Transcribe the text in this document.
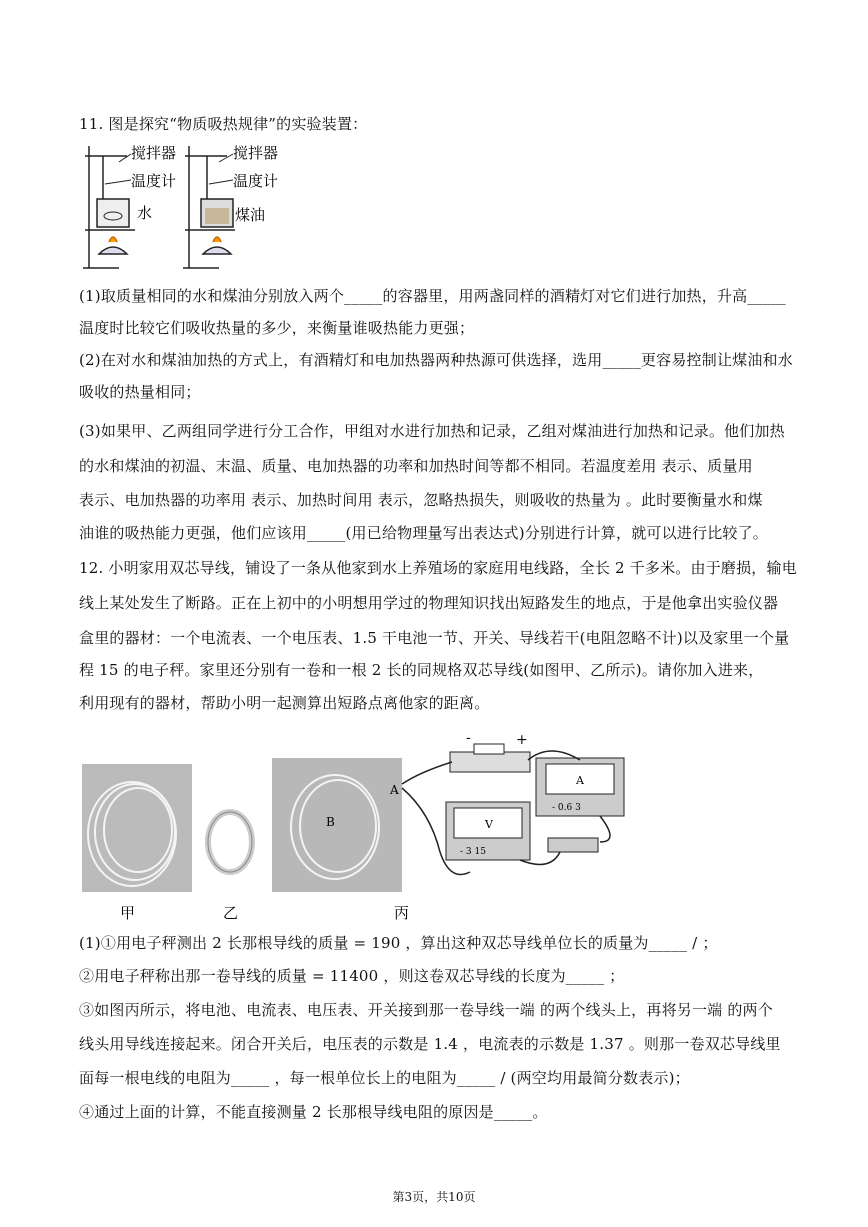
11. 图是探究“物质吸热规律”的实验装置：
搅拌器
温度计
水
搅拌器
温度计
煤油
(1)取质量相同的水和煤油分别放入两个_____的容器里，用两盏同样的酒精灯对它们进行加热，升高_____
温度时比较它们吸收热量的多少，来衡量谁吸热能力更强；
(2)在对水和煤油加热的方式上，有酒精灯和电加热器两种热源可供选择，选用_____更容易控制让煤油和水
吸收的热量相同；
(3)如果甲、乙两组同学进行分工合作，甲组对水进行加热和记录，乙组对煤油进行加热和记录。他们加热
的水和煤油的初温、末温、质量、电加热器的功率和加热时间等都不相同。若温度差用 表示、质量用
表示、电加热器的功率用 表示、加热时间用 表示，忽略热损失，则吸收的热量为 。此时要衡量水和煤
油谁的吸热能力更强，他们应该用_____(用已给物理量写出表达式)分别进行计算，就可以进行比较了。
12. 小明家用双芯导线，铺设了一条从他家到水上养殖场的家庭用电线路，全长 2 千多米。由于磨损，输电
线上某处发生了断路。正在上初中的小明想用学过的物理知识找出短路发生的地点，于是他拿出实验仪器
盒里的器材：一个电流表、一个电压表、1.5 干电池一节、开关、导线若干(电阻忽略不计)以及家里一个量
程 15 的电子秤。家里还分别有一卷和一根 2 长的同规格双芯导线(如图甲、乙所示)。请你加入进来，
利用现有的器材，帮助小明一起测算出短路点离他家的距离。
甲	乙	丙
B
A
-	+
A
- 0.6 3
V
- 3 15
(1)①用电子秤测出 2 长那根导线的质量 = 190 ，算出这种双芯导线单位长的质量为_____ / ；
②用电子秤称出那一卷导线的质量 = 11400 ，则这卷双芯导线的长度为_____ ；
③如图丙所示，将电池、电流表、电压表、开关接到那一卷导线一端 的两个线头上，再将另一端 的两个
线头用导线连接起来。闭合开关后，电压表的示数是 1.4 ，电流表的示数是 1.37 。则那一卷双芯导线里
面每一根电线的电阻为_____ ，每一根单位长上的电阻为_____ / (两空均用最简分数表示)；
④通过上面的计算，不能直接测量 2 长那根导线电阻的原因是_____。
第3页，共10页
